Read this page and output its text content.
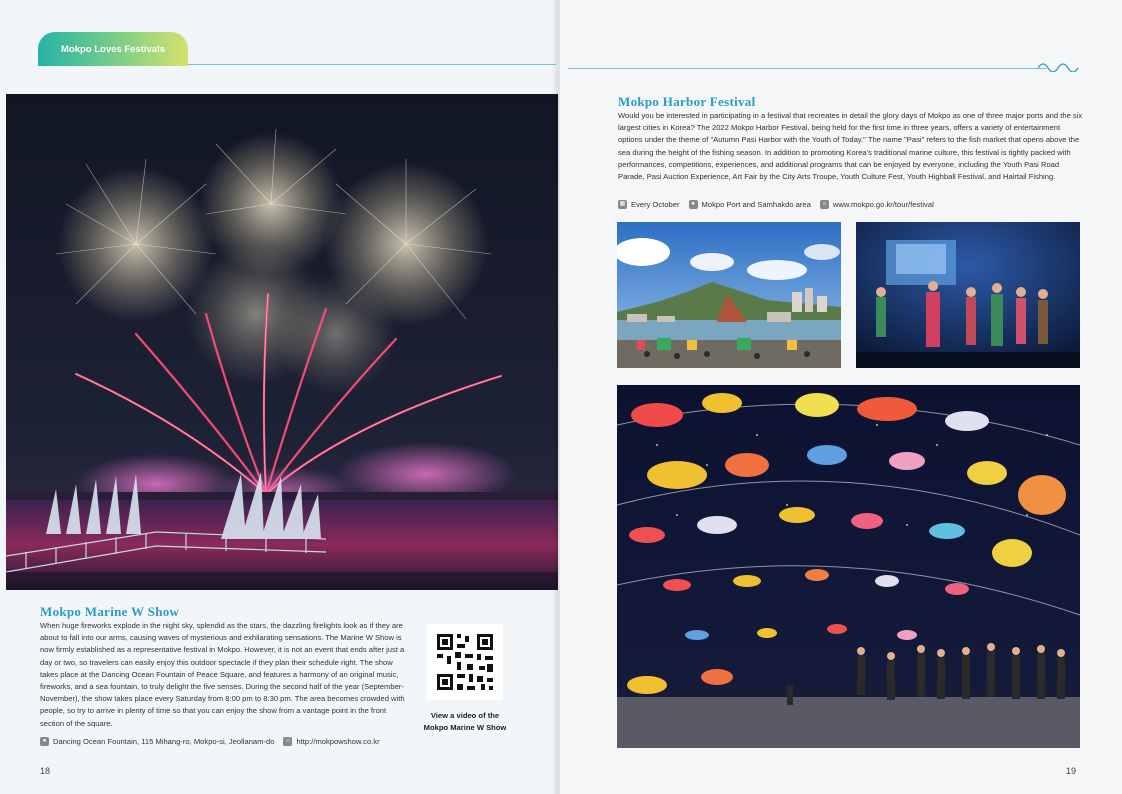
Mokpo Loves Festivals
Mokpo Marine W Show

When huge fireworks explode in the night sky, splendid as the stars, the dazzling firelights look as if they are about to fall into our arms, causing waves of mysterious and exhilarating sensations. The Marine W Show is now firmly established as a representative festival in Mokpo. However, it is not an event that ends after just a day or two, so travelers can easily enjoy this outdoor spectacle if they plan their schedule right. The show takes place at the Dancing Ocean Fountain of Peace Square, and features a harmony of an original music, fireworks, and a sea fountain, to truly delight the five senses. During the second half of the year (September-November), the show takes place every Saturday from 8:00 pm to 8:30 pm. The area becomes crowded with people, so try to arrive in plenty of time so that you can enjoy the show from a vantage point in the front section of the square.

● Dancing Ocean Fountain, 115 Mihang-ro, Mokpo-si, Jeollanam-do	⌂ http://mokpowshow.co.kr
View a video of the Mokpo Marine W Show
18
Mokpo Harbor Festival

Would you be interested in participating in a festival that recreates in detail the glory days of Mokpo as one of three major ports and the six largest cities in Korea? The 2022 Mokpo Harbor Festival, being held for the first time in three years, offers a variety of entertainment options under the theme of "Autumn Pasi Harbor with the Youth of Today." The name "Pasi" refers to the fish market that opens above the sea during the height of the fishing season. In addition to promoting Korea's traditional marine culture, this festival is tightly packed with performances, competitions, experiences, and additional programs that can be enjoyed by everyone, including the Youth Pasi Road Parade, Pasi Auction Experience, Art Fair by the City Arts Troupe, Youth Culture Fest, Youth Highball Festival, and Hairtail Fishing.

▦ Every October	● Mokpo Port and Samhakdo area	⌂ www.mokpo.go.kr/tour/festival
19
